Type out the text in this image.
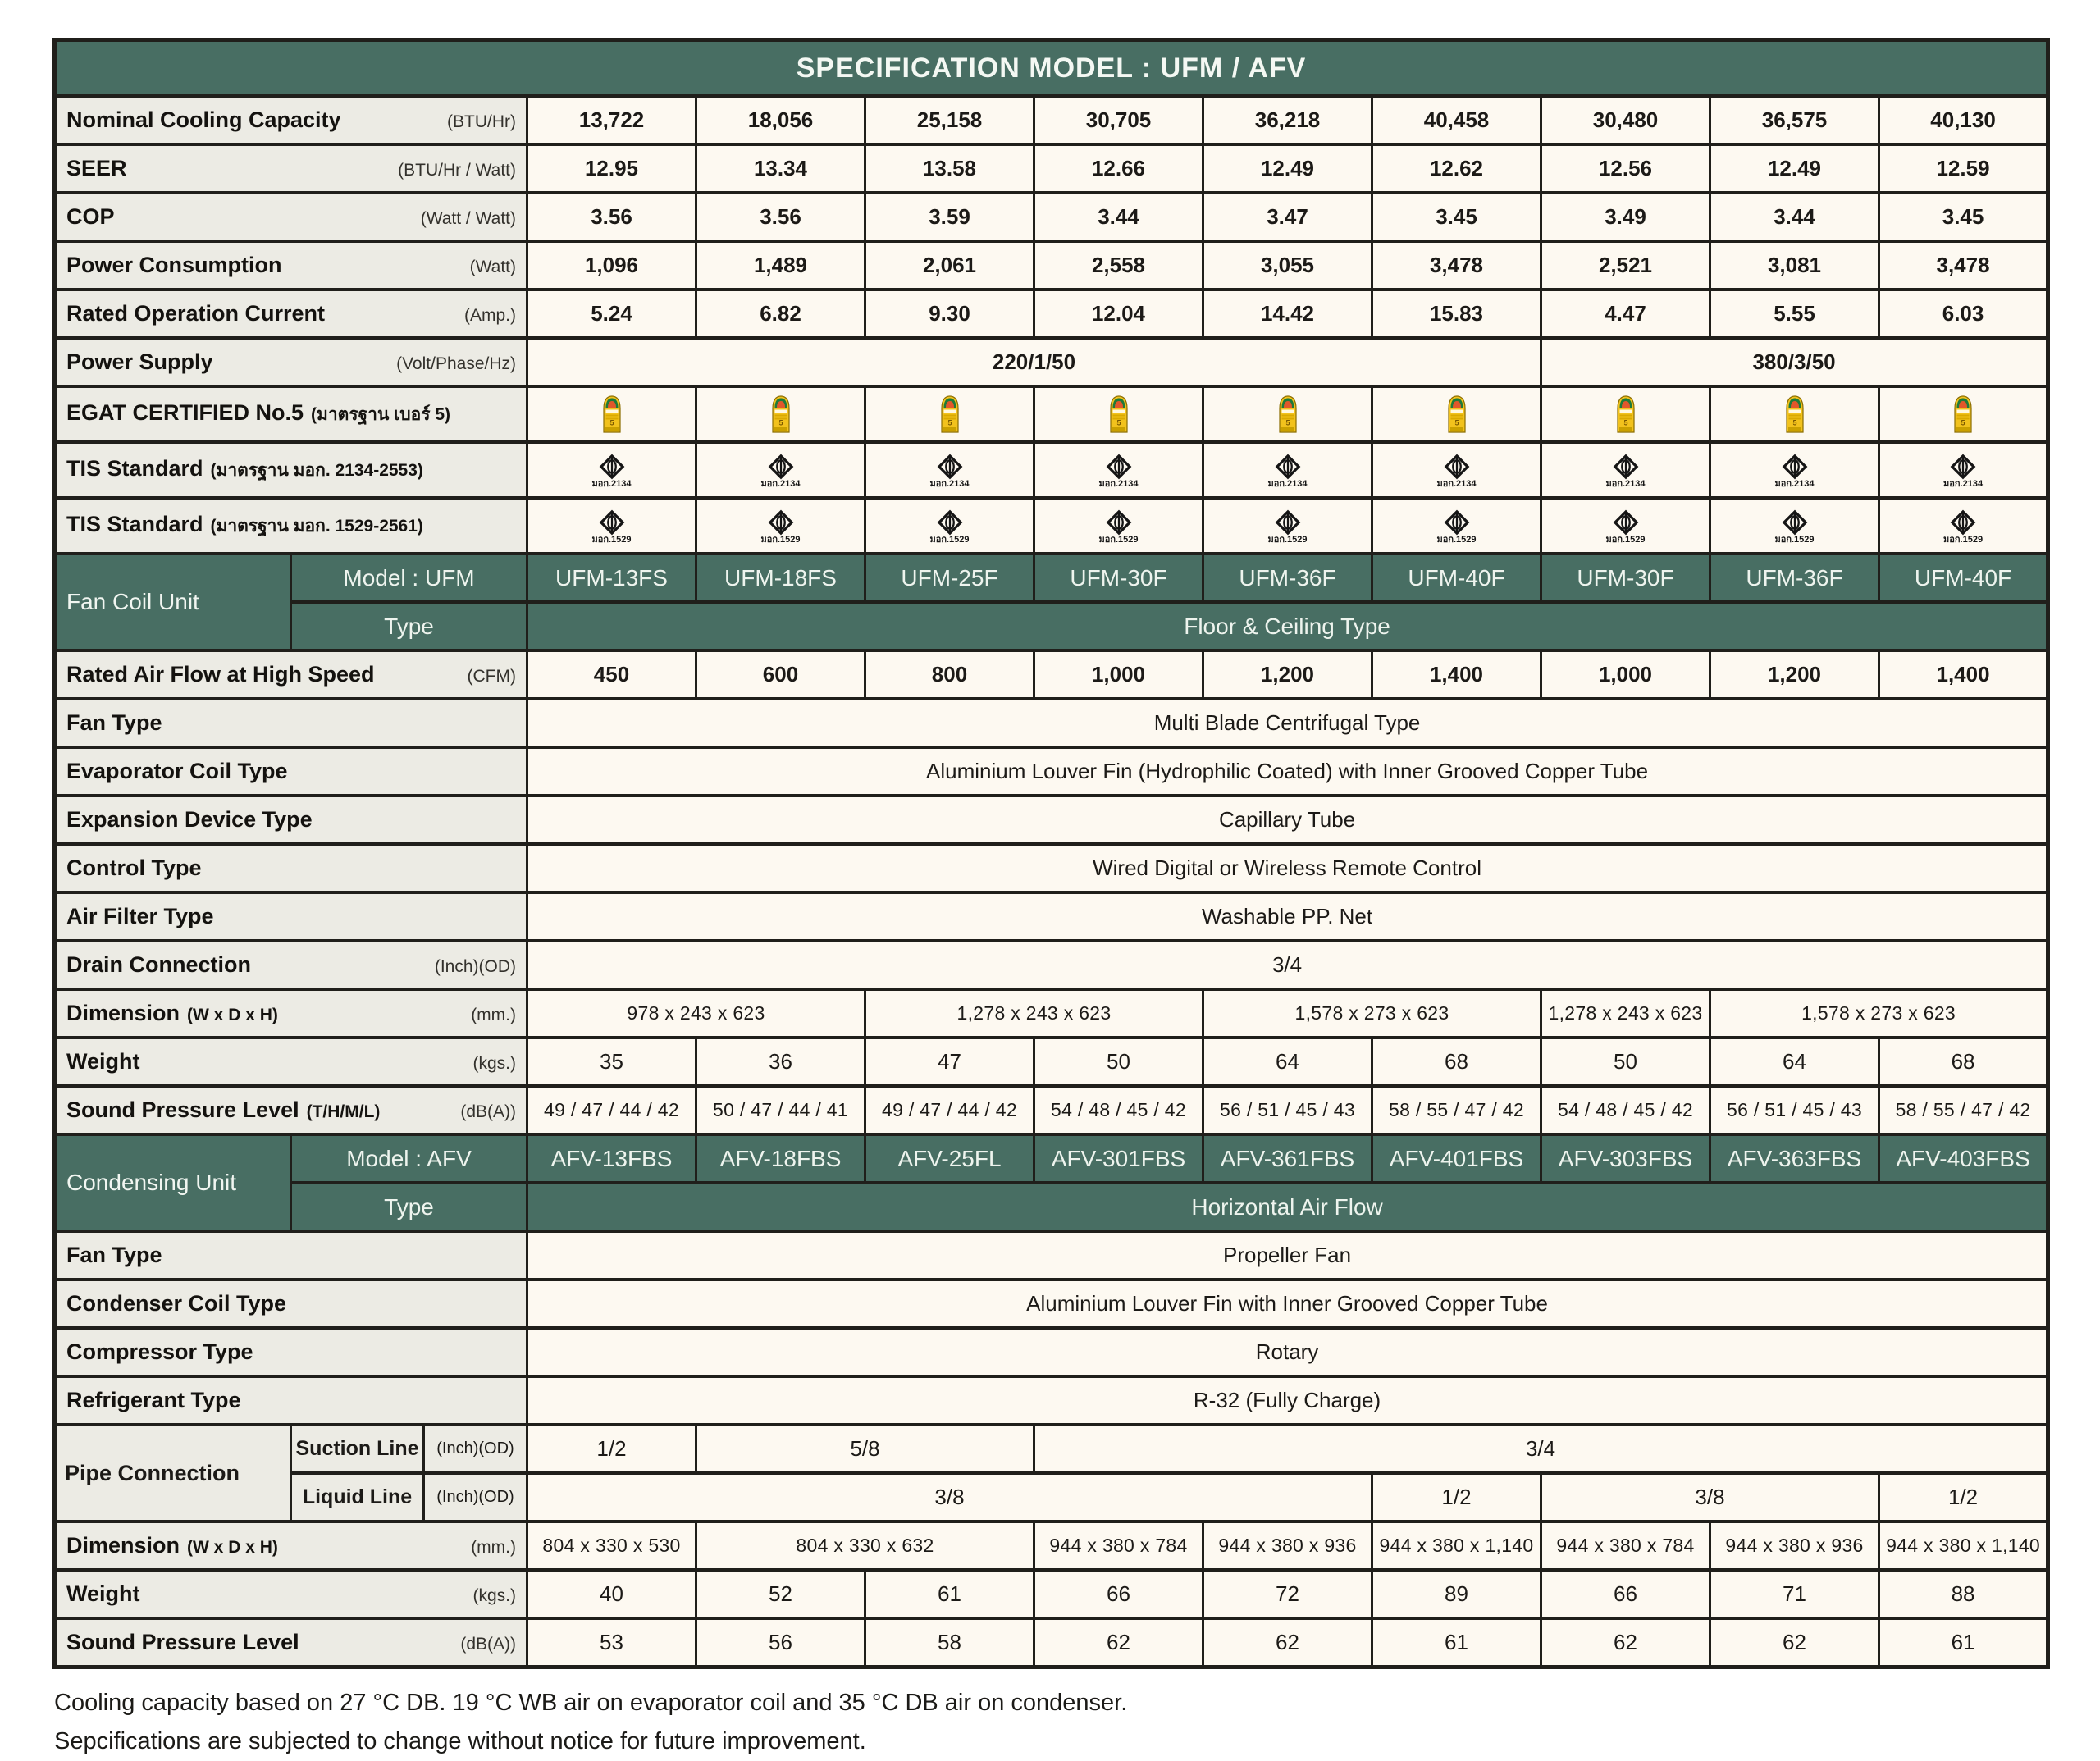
SPECIFICATION MODEL : UFM / AFV											

Nominal Cooling Capacity (BTU/Hr)			13,722	18,056	25,158	30,705	36,218	40,458	30,480	36,575	40,130

SEER (BTU/Hr / Watt)			12.95	13.34	13.58	12.66	12.49	12.62	12.56	12.49	12.59

COP (Watt / Watt)			3.56	3.56	3.59	3.44	3.47	3.45	3.49	3.44	3.45

Power Consumption (Watt)			1,096	1,489	2,061	2,558	3,055	3,478	2,521	3,081	3,478

Rated Operation Current (Amp.)			5.24	6.82	9.30	12.04	14.42	15.83	4.47	5.55	6.03

Power Supply (Volt/Phase/Hz)			220/1/50						380/3/50		

EGAT CERTIFIED No.5 (มาตรฐาน เบอร์ 5)			5	5	5	5	5	5	5	5	5

TIS Standard (มาตรฐาน มอก. 2134-2553)			มอก.2134	มอก.2134	มอก.2134	มอก.2134	มอก.2134	มอก.2134	มอก.2134	มอก.2134	มอก.2134

TIS Standard (มาตรฐาน มอก. 1529-2561)			มอก.1529	มอก.1529	มอก.1529	มอก.1529	มอก.1529	มอก.1529	มอก.1529	มอก.1529	มอก.1529

Fan Coil Unit	Model : UFM		UFM-13FS	UFM-18FS	UFM-25F	UFM-30F	UFM-36F	UFM-40F	UFM-30F	UFM-36F	UFM-40F
	Type		Floor & Ceiling Type								

Rated Air Flow at High Speed (CFM)			450	600	800	1,000	1,200	1,400	1,000	1,200	1,400

Fan Type			Multi Blade Centrifugal Type								

Evaporator Coil Type			Aluminium Louver Fin (Hydrophilic Coated) with Inner Grooved Copper Tube								

Expansion Device Type			Capillary Tube								

Control Type			Wired Digital or Wireless Remote Control								

Air Filter Type			Washable PP. Net								

Drain Connection (Inch)(OD)			3/4								

Dimension (W x D x H) (mm.)			978 x 243 x 623		1,278 x 243 x 623		1,578 x 273 x 623		1,278 x 243 x 623	1,578 x 273 x 623	

Weight (kgs.)			35	36	47	50	64	68	50	64	68

Sound Pressure Level (T/H/M/L) (dB(A))			49 / 47 / 44 / 42	50 / 47 / 44 / 41	49 / 47 / 44 / 42	54 / 48 / 45 / 42	56 / 51 / 45 / 43	58 / 55 / 47 / 42	54 / 48 / 45 / 42	56 / 51 / 45 / 43	58 / 55 / 47 / 42
Condensing Unit	Model : AFV		AFV-13FBS	AFV-18FBS	AFV-25FL	AFV-301FBS	AFV-361FBS	AFV-401FBS	AFV-303FBS	AFV-363FBS	AFV-403FBS
	Type		Horizontal Air Flow								

Fan Type			Propeller Fan								

Condenser Coil Type			Aluminium Louver Fin with Inner Grooved Copper Tube								

Compressor Type			Rotary								

Refrigerant Type			R-32 (Fully Charge)								
Pipe Connection	Suction Line	(Inch)(OD)	1/2	5/8		3/4					
	Liquid Line	(Inch)(OD)	3/8					1/2	3/8		1/2

Dimension (W x D x H) (mm.)			804 x 330 x 530	804 x 330 x 632		944 x 380 x 784	944 x 380 x 936	944 x 380 x 1,140	944 x 380 x 784	944 x 380 x 936	944 x 380 x 1,140

Weight (kgs.)			40	52	61	66	72	89	66	71	88

Sound Pressure Level (dB(A))			53	56	58	62	62	61	62	62	61
Cooling capacity based on 27 °C DB. 19 °C WB air on evaporator coil and 35 °C DB air on condenser.
Sepcifications are subjected to change without notice for future improvement.
